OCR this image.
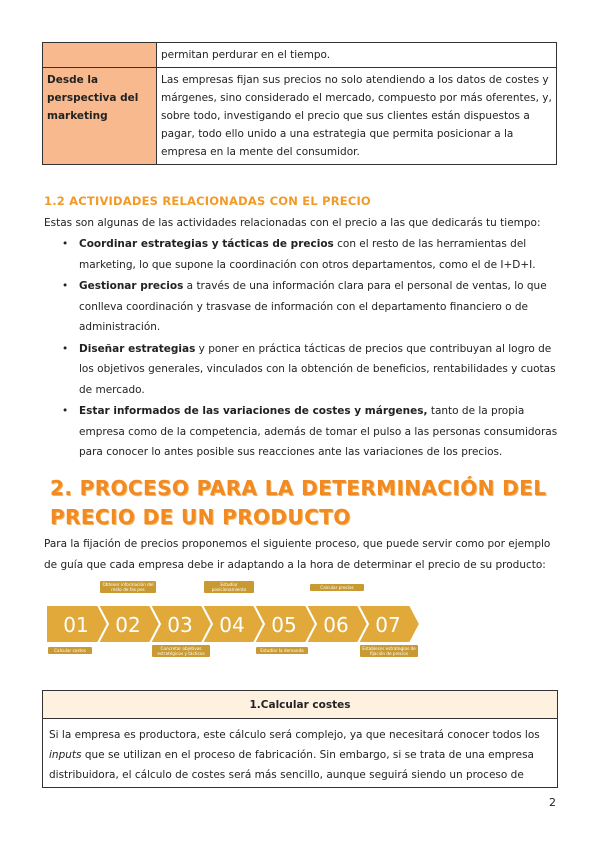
	permitan perdurar en el tiempo.
Desde la perspectiva del marketing	Las empresas fijan sus precios no solo atendiendo a los datos de costes y márgenes, sino considerado el mercado, compuesto por más oferentes, y, sobre todo, investigando el precio que sus clientes están dispuestos a pagar, todo ello unido a una estrategia que permita posicionar a la empresa en la mente del consumidor.
1.2 ACTIVIDADES RELACIONADAS CON EL PRECIO
Estas son algunas de las actividades relacionadas con el precio a las que dedicarás tu tiempo:
• Coordinar estrategias y tácticas de precios con el resto de las herramientas del marketing, lo que supone la coordinación con otros departamentos, como el de I+D+I.
• Gestionar precios a través de una información clara para el personal de ventas, lo que conlleva coordinación y trasvase de información con el departamento financiero o de administración.
• Diseñar estrategias y poner en práctica tácticas de precios que contribuyan al logro de los objetivos generales, vinculados con la obtención de beneficios, rentabilidades y cuotas de mercado.
• Estar informados de las variaciones de costes y márgenes, tanto de la propia empresa como de la competencia, además de tomar el pulso a las personas consumidoras para conocer lo antes posible sus reacciones ante las variaciones de los precios.
2. PROCESO PARA LA DETERMINACIÓN DEL PRECIO DE UN PRODUCTO
Para la fijación de precios proponemos el siguiente proceso, que puede servir como por ejemplo de guía que cada empresa debe ir adaptando a la hora de determinar el precio de su producto:
01 02 03 04 05 06 07
Obtener información del resto de fas pes
Estudiar posicionamiento	Calcular precios
Calcular costes	Concretar objetivos estratégicos y tácticos
Estudiar la demanda	Establecer estrategias de fijación de precios
1.Calcular costes
Si la empresa es productora, este cálculo será complejo, ya que necesitará conocer todos los inputs que se utilizan en el proceso de fabricación. Sin embargo, si se trata de una empresa distribuidora, el cálculo de costes será más sencillo, aunque seguirá siendo un proceso de
2
